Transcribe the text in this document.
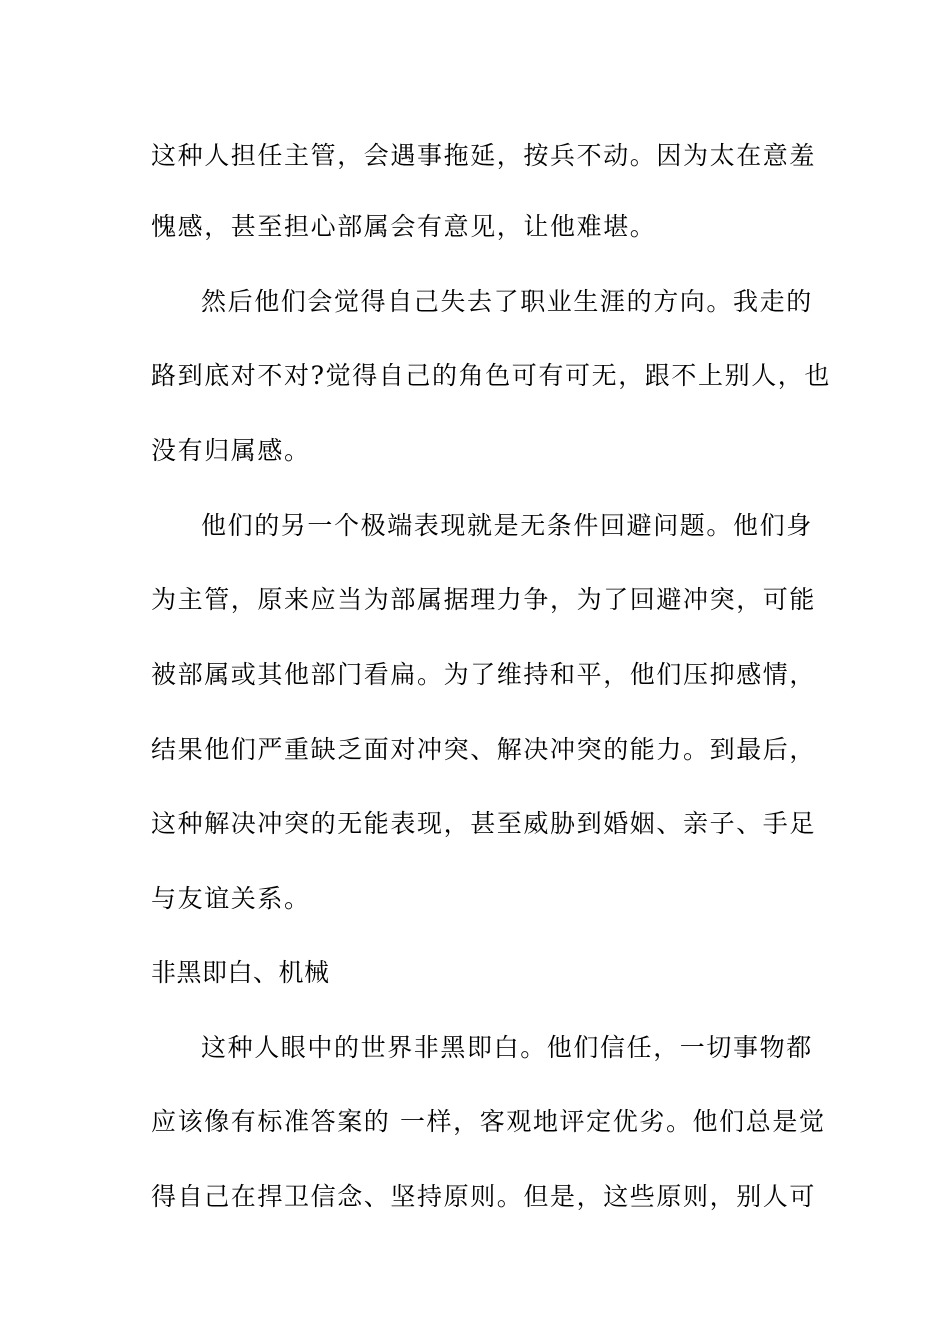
这种人担任主管，会遇事拖延，按兵不动。因为太在意羞
愧感，甚至担心部属会有意见，让他难堪。
然后他们会觉得自己失去了职业生涯的方向。我走的
路到底对不对?觉得自己的角色可有可无，跟不上别人，也
没有归属感。
他们的另一个极端表现就是无条件回避问题。他们身
为主管，原来应当为部属据理力争，为了回避冲突，可能
被部属或其他部门看扁。为了维持和平，他们压抑感情，
结果他们严重缺乏面对冲突、解决冲突的能力。到最后，
这种解决冲突的无能表现，甚至威胁到婚姻、亲子、手足
与友谊关系。
非黑即白、机械
这种人眼中的世界非黑即白。他们信任，一切事物都
应该像有标准答案的 一样，客观地评定优劣。他们总是觉
得自己在捍卫信念、坚持原则。但是，这些原则，别人可
